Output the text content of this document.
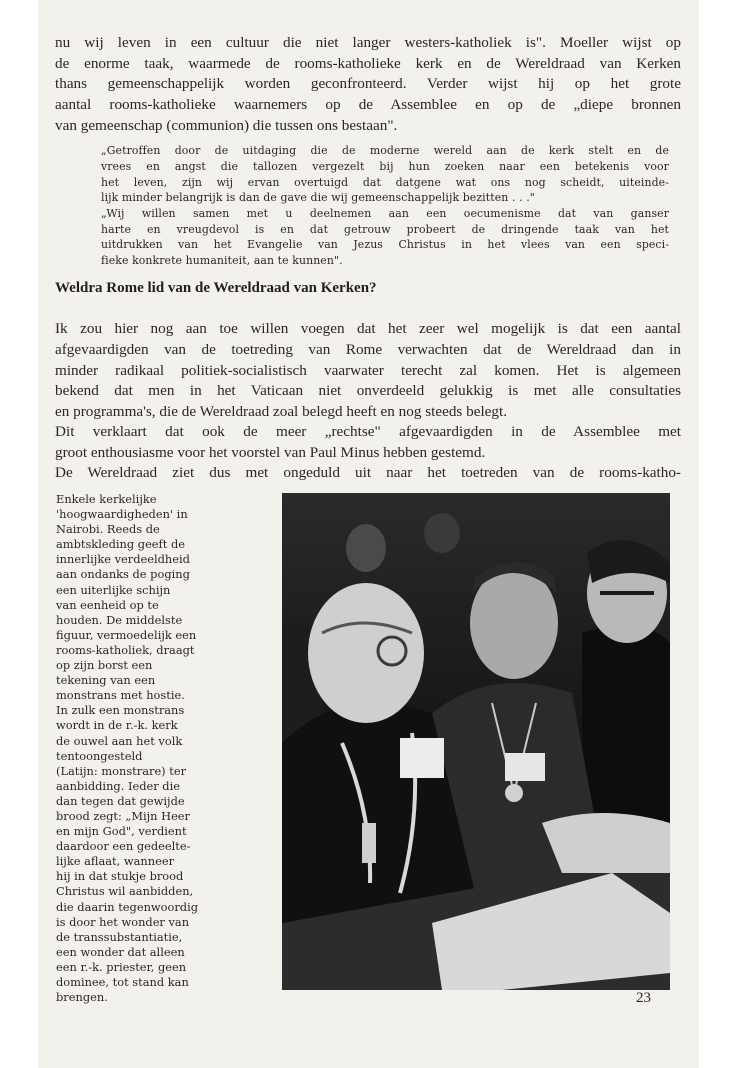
nu wij leven in een cultuur die niet langer westers-katholiek is". Moeller wijst op

de enorme taak, waarmede de rooms-katholieke kerk en de Wereldraad van Kerken

thans gemeenschappelijk worden geconfronteerd. Verder wijst hij op het grote

aantal rooms-katholieke waarnemers op de Assemblee en op de „diepe bronnen

van gemeenschap (communion) die tussen ons bestaan".

„Getroffen door de uitdaging die de moderne wereld aan de kerk stelt en de

vrees en angst die tallozen vergezelt bij hun zoeken naar een betekenis voor

het leven, zijn wij ervan overtuigd dat datgene wat ons nog scheidt, uiteinde-

lijk minder belangrijk is dan de gave die wij gemeenschappelijk bezitten . . ."

„Wij willen samen met u deelnemen aan een oecumenisme dat van ganser

harte en vreugdevol is en dat getrouw probeert de dringende taak van het

uitdrukken van het Evangelie van Jezus Christus in het vlees van een speci-

fieke konkrete humaniteit, aan te kunnen".

Weldra Rome lid van de Wereldraad van Kerken?

Ik zou hier nog aan toe willen voegen dat het zeer wel mogelijk is dat een aantal

afgevaardigden van de toetreding van Rome verwachten dat de Wereldraad dan in

minder radikaal politiek-socialistisch vaarwater terecht zal komen. Het is algemeen

bekend dat men in het Vaticaan niet onverdeeld gelukkig is met alle consultaties

en programma's, die de Wereldraad zoal belegd heeft en nog steeds belegt.

Dit verklaart dat ook de meer „rechtse" afgevaardigden in de Assemblee met

groot enthousiasme voor het voorstel van Paul Minus hebben gestemd.

De Wereldraad ziet dus met ongeduld uit naar het toetreden van de rooms-katho-

Enkele kerkelijke
'hoogwaardigheden' in
Nairobi. Reeds de
ambtskleding geeft de
innerlijke verdeeldheid
aan ondanks de poging
een uiterlijke schijn
van eenheid op te
houden. De middelste
figuur, vermoedelijk een
rooms-katholiek, draagt
op zijn borst een
tekening van een
monstrans met hostie.
In zulk een monstrans
wordt in de r.-k. kerk
de ouwel aan het volk
tentoongesteld
(Latijn: monstrare) ter
aanbidding. Ieder die
dan tegen dat gewijde
brood zegt: „Mijn Heer
en mijn God", verdient
daardoor een gedeelte-
lijke aflaat, wanneer
hij in dat stukje brood
Christus wil aanbidden,
die daarin tegenwoordig
is door het wonder van
de transsubstantiatie,
een wonder dat alleen
een r.-k. priester, geen
dominee, tot stand kan
brengen.	23
